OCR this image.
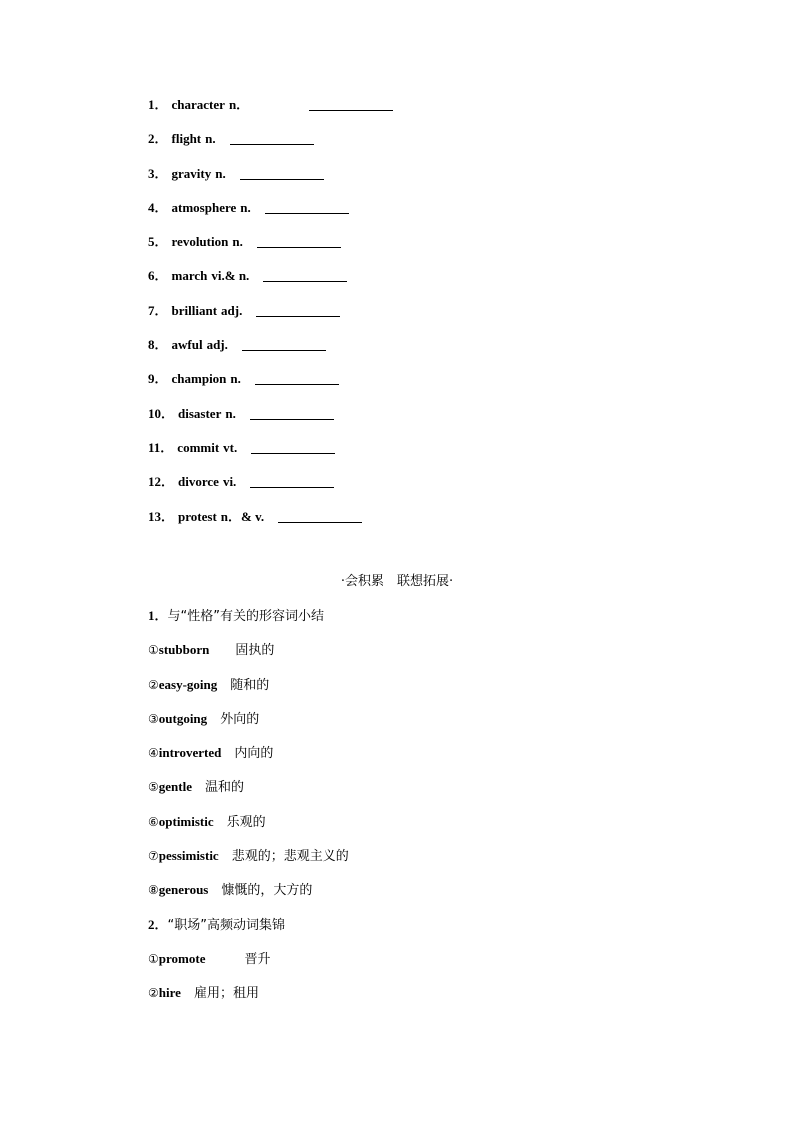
1． character n．
2． flight n.
3． gravity n.
4． atmosphere n.
5． revolution n.
6． march vi.& n.
7． brilliant adj.
8． awful adj.
9． champion n.
10． disaster n.
11． commit vt.
12． divorce vi.
13． protest n．& v.
·会积累　联想拓展·
1．与“性格”有关的形容词小结
①stubborn　　 固执的
②easy-going　 随和的
③outgoing　 外向的
④introverted　 内向的
⑤gentle　 温和的
⑥optimistic　 乐观的
⑦pessimistic　 悲观的；悲观主义的
⑧generous　 慷慨的，大方的
2．“职场”高频动词集锦
①promote　　　	晋升
②hire　 雇用；租用
